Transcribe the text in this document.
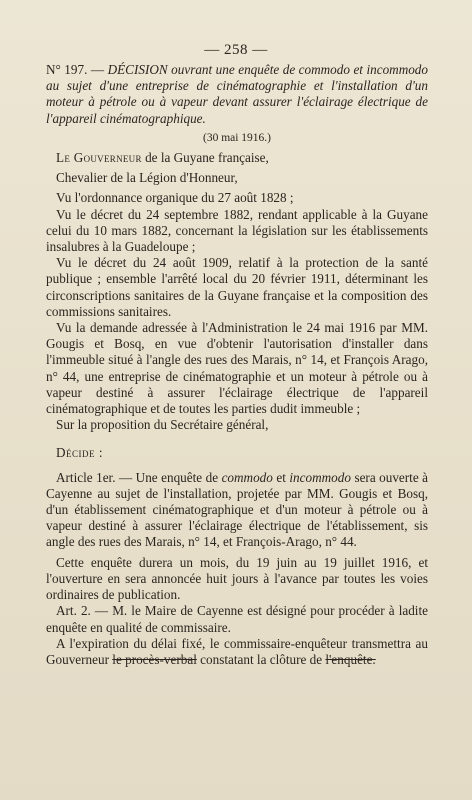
— 258 —

N° 197. — DÉCISION ouvrant une enquête de commodo et incommodo au sujet d'une entreprise de cinématographie et l'installation d'un moteur à pétrole ou à vapeur devant assurer l'éclairage électrique de l'appareil cinématographique.

(30 mai 1916.)

Le Gouverneur de la Guyane française,

Chevalier de la Légion d'Honneur,

Vu l'ordonnance organique du 27 août 1828 ;

Vu le décret du 24 septembre 1882, rendant applicable à la Guyane celui du 10 mars 1882, concernant la législation sur les établissements insalubres à la Guadeloupe ;

Vu le décret du 24 août 1909, relatif à la protection de la santé publique ; ensemble l'arrêté local du 20 février 1911, déterminant les circonscriptions sanitaires de la Guyane française et la composition des commissions sanitaires.

Vu la demande adressée à l'Administration le 24 mai 1916 par MM. Gougis et Bosq, en vue d'obtenir l'autorisation d'installer dans l'immeuble situé à l'angle des rues des Marais, n° 14, et François Arago, n° 44, une entreprise de cinématographie et un moteur à pétrole ou à vapeur destiné à assurer l'éclairage électrique de l'appareil cinématographique et de toutes les parties dudit immeuble ;

Sur la proposition du Secrétaire général,

Décide :

Article 1er. — Une enquête de commodo et incommodo sera ouverte à Cayenne au sujet de l'installation, projetée par MM. Gougis et Bosq, d'un établissement cinématographique et d'un moteur à pétrole ou à vapeur destiné à assurer l'éclairage électrique de l'établissement, sis angle des rues des Marais, n° 14, et François-Arago, n° 44.

Cette enquête durera un mois, du 19 juin au 19 juillet 1916, et l'ouverture en sera annoncée huit jours à l'avance par toutes les voies ordinaires de publication.

Art. 2. — M. le Maire de Cayenne est désigné pour procéder à ladite enquête en qualité de commissaire.

A l'expiration du délai fixé, le commissaire-enquêteur transmettra au Gouverneur le procès-verbal constatant la clôture de l'enquête.
